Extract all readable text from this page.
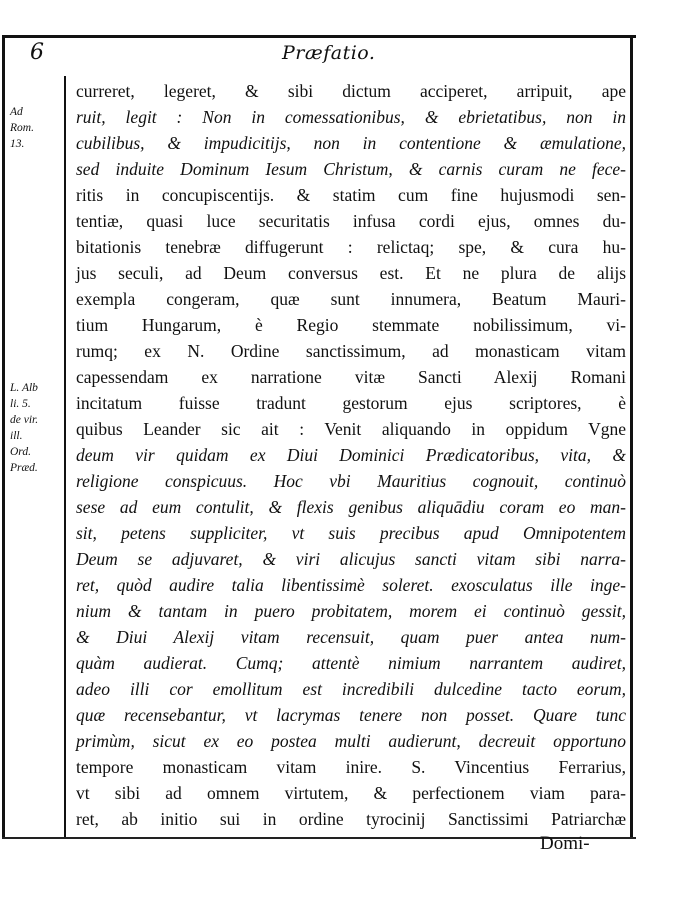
6	Præfatio.
Ad
Rom.
13.
L. Alb
li. 5.
de vir.
ill.
Ord.
Præd.
curreret, legeret, & sibi dictum acciperet, arripuit, ape
ruit, legit : Non in comessationibus, & ebrietatibus, non in
cubilibus, & impudicitijs, non in contentione & æmulatione,
sed induite Dominum Iesum Christum, & carnis curam ne fece-
ritis in concupiscentijs. & statim cum fine hujusmodi sen-
tentiæ, quasi luce securitatis infusa cordi ejus, omnes du-
bitationis tenebræ diffugerunt : relictaq; spe, & cura hu-
jus seculi, ad Deum conversus est. Et ne plura de alijs
exempla congeram, quæ sunt innumera, Beatum Mauri-
tium Hungarum, è Regio stemmate nobilissimum, vi-
rumq; ex N. Ordine sanctissimum, ad monasticam vitam
capessendam ex narratione vitæ Sancti Alexij Romani
incitatum fuisse tradunt gestorum ejus scriptores, è
quibus Leander sic ait : Venit aliquando in oppidum Vgne
deum vir quidam ex Diui Dominici Prædicatoribus, vita, &
religione conspicuus. Hoc vbi Mauritius cognouit, continuò
sese ad eum contulit, & flexis genibus aliquādiu coram eo man-
sit, petens suppliciter, vt suis precibus apud Omnipotentem
Deum se adjuvaret, & viri alicujus sancti vitam sibi narra-
ret, quòd audire talia libentissimè soleret. exosculatus ille inge-
nium & tantam in puero probitatem, morem ei continuò gessit,
& Diui Alexij vitam recensuit, quam puer antea num-
quàm audierat. Cumq; attentè nimium narrantem audiret,
adeo illi cor emollitum est incredibili dulcedine tacto eorum,
quæ recensebantur, vt lacrymas tenere non posset. Quare tunc
primùm, sicut ex eo postea multi audierunt, decreuit opportuno
tempore monasticam vitam inire. S. Vincentius Ferrarius,
vt sibi ad omnem virtutem, & perfectionem viam para-
ret, ab initio sui in ordine tyrocinij Sanctissimi Patriarchæ
Domi-
